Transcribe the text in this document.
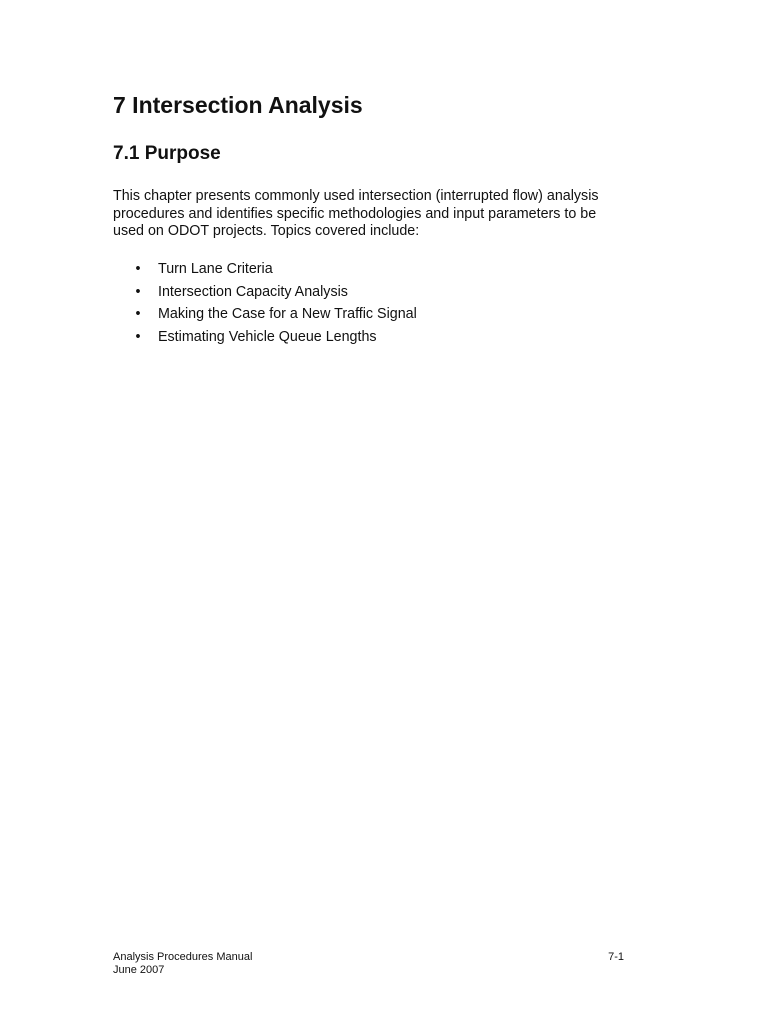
7 Intersection Analysis
7.1 Purpose

This chapter presents commonly used intersection (interrupted flow) analysis
procedures and identifies specific methodologies and input parameters to be
used on ODOT projects. Topics covered include:

• Turn Lane Criteria
• Intersection Capacity Analysis
• Making the Case for a New Traffic Signal
• Estimating Vehicle Queue Lengths
Analysis Procedures Manual
June 2007
7-1
